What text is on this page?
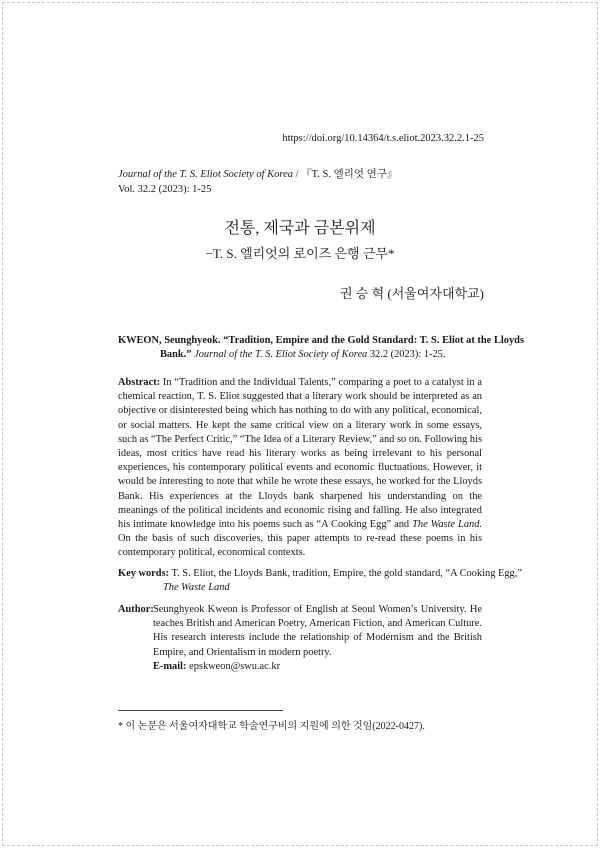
https://doi.org/10.14364/t.s.eliot.2023.32.2.1-25
Journal of the T. S. Eliot Society of Korea / 『T. S. 엘리엇 연구』
Vol. 32.2 (2023): 1-25
전통, 제국과 금본위제
−T. S. 엘리엇의 로이즈 은행 근무*
권 승 혁 (서울여자대학교)
KWEON, Seunghyeok. “Tradition, Empire and the Gold Standard: T. S. Eliot at the Lloyds Bank.” Journal of the T. S. Eliot Society of Korea 32.2 (2023): 1-25.
Abstract: In “Tradition and the Individual Talents,” comparing a poet to a catalyst in a chemical reaction, T. S. Eliot suggested that a literary work should be interpreted as an objective or disinterested being which has nothing to do with any political, economical, or social matters. He kept the same critical view on a literary work in some essays, such as “The Perfect Critic,” “The Idea of a Literary Review,” and so on. Following his ideas, most critics have read his literary works as being irrelevant to his personal experiences, his contemporary political events and economic fluctuations. However, it would be interesting to note that while he wrote these essays, he worked for the Lloyds Bank. His experiences at the Lloyds bank sharpened his understanding on the meanings of the political incidents and economic rising and falling. He also integrated his intimate knowledge into his poems such as “A Cooking Egg” and The Waste Land. On the basis of such discoveries, this paper attempts to re-read these poems in his contemporary political, economical contexts.
Key words: T. S. Eliot, the Lloyds Bank, tradition, Empire, the gold standard, “A Cooking Egg,” The Waste Land
Author: Seunghyeok Kweon is Professor of English at Seoul Women’s University. He teaches British and American Poetry, American Fiction, and American Culture. His research interests include the relationship of Modernism and the British Empire, and Orientalism in modern poetry.
E-mail: epskweon@swu.ac.kr
* 이 논문은 서울여자대학교 학술연구비의 지원에 의한 것임(2022-0427).
